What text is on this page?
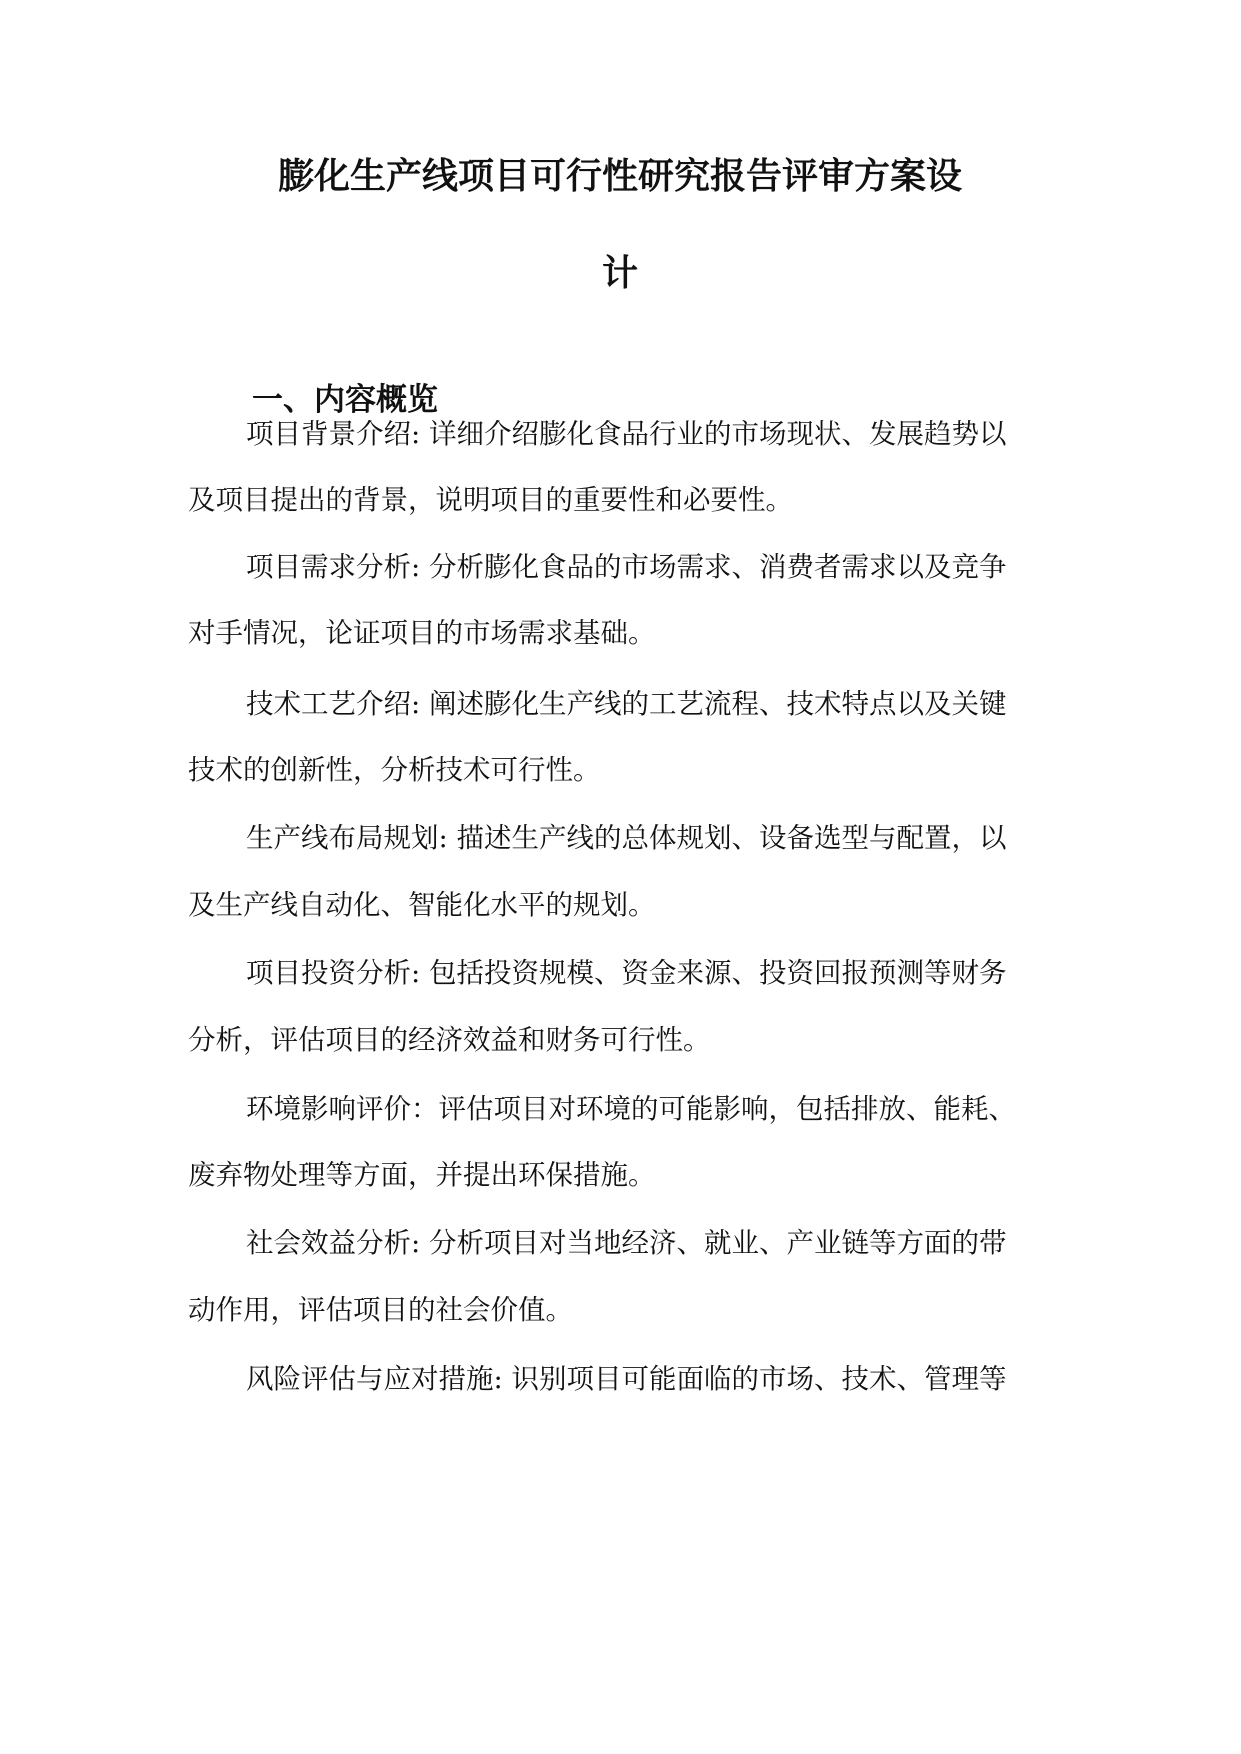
膨化生产线项目可行性研究报告评审方案设
计
一、内容概览

项目背景介绍: 详细介绍膨化食品行业的市场现状、发展趋势以

及项目提出的背景，说明项目的重要性和必要性。

项目需求分析: 分析膨化食品的市场需求、消费者需求以及竞争

对手情况，论证项目的市场需求基础。

技术工艺介绍: 阐述膨化生产线的工艺流程、技术特点以及关键

技术的创新性，分析技术可行性。

生产线布局规划: 描述生产线的总体规划、设备选型与配置，以

及生产线自动化、智能化水平的规划。

项目投资分析: 包括投资规模、资金来源、投资回报预测等财务

分析，评估项目的经济效益和财务可行性。

环境影响评价：评估项目对环境的可能影响，包括排放、能耗、

废弃物处理等方面，并提出环保措施。

社会效益分析: 分析项目对当地经济、就业、产业链等方面的带

动作用，评估项目的社会价值。

风险评估与应对措施: 识别项目可能面临的市场、技术、管理等
